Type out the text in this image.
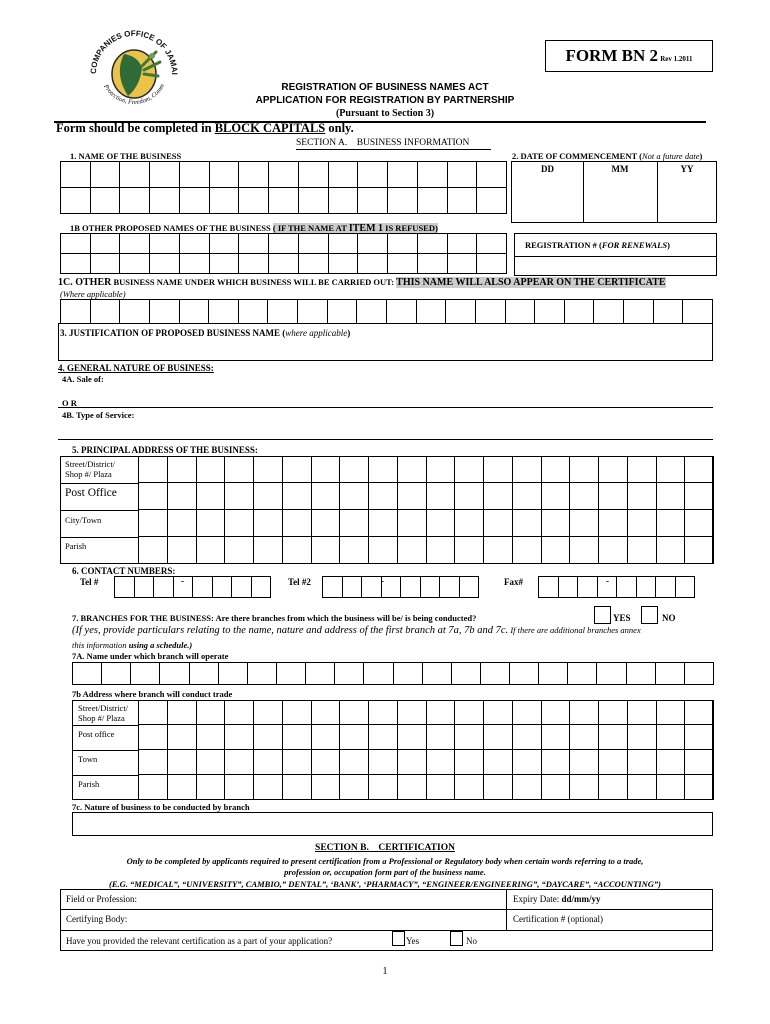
COMPANIES OFFICE OF JAMAI
Protection, Freedom, Comm
FORM BN 2 Rev 1.2011
REGISTRATION OF BUSINESS NAMES ACT
APPLICATION FOR REGISTRATION BY PARTNERSHIP
(Pursuant to Section 3)
Form should be completed in BLOCK CAPITALS only.
SECTION A. BUSINESS INFORMATION
1. NAME OF THE BUSINESS	2. DATE OF COMMENCEMENT (Not a future date)
DD	MM	YY
1B OTHER PROPOSED NAMES OF THE BUSINESS ( IF THE NAME AT ITEM 1 IS REFUSED)
REGISTRATION # (FOR RENEWALS)
1C. OTHER BUSINESS NAME UNDER WHICH BUSINESS WILL BE CARRIED OUT: THIS NAME WILL ALSO APPEAR ON THE CERTIFICATE
(Where applicable)
3. JUSTIFICATION OF PROPOSED BUSINESS NAME (where applicable)
4. GENERAL NATURE OF BUSINESS:
4A. Sale of:
O R
4B. Type of Service:
5. PRINCIPAL ADDRESS OF THE BUSINESS:
Street/District/
Shop #/ Plaza
Post Office
City/Town
Parish
6. CONTACT NUMBERS:
Tel #	-	Tel #2	-	Fax#	-
7. BRANCHES FOR THE BUSINESS: Are there branches from which the business will be/ is being conducted?	YES	NO
(If yes, provide particulars relating to the name, nature and address of the first branch at 7a, 7b and 7c. If there are additional branches annex
this information using a schedule.)
7A. Name under which branch will operate
7b Address where branch will conduct trade
Street/District/
Shop #/ Plaza
Post office
Town
Parish
7c. Nature of business to be conducted by branch
SECTION B. CERTIFICATION
Only to be completed by applicants required to present certification from a Professional or Regulatory body when certain words referring to a trade,
profession or, occupation form part of the business name.
(E.G. “MEDICAL”, “UNIVERSITY”, CAMBIO,” DENTAL”, ‘BANK’, ‘PHARMACY”, “ENGINEER/ENGINEERING”, “DAYCARE”, “ACCOUNTING”)
Field or Profession:	Expiry Date: dd/mm/yy
Certifying Body:	Certification # (optional)
Have you provided the relevant certification as a part of your application?	Yes	No
1
